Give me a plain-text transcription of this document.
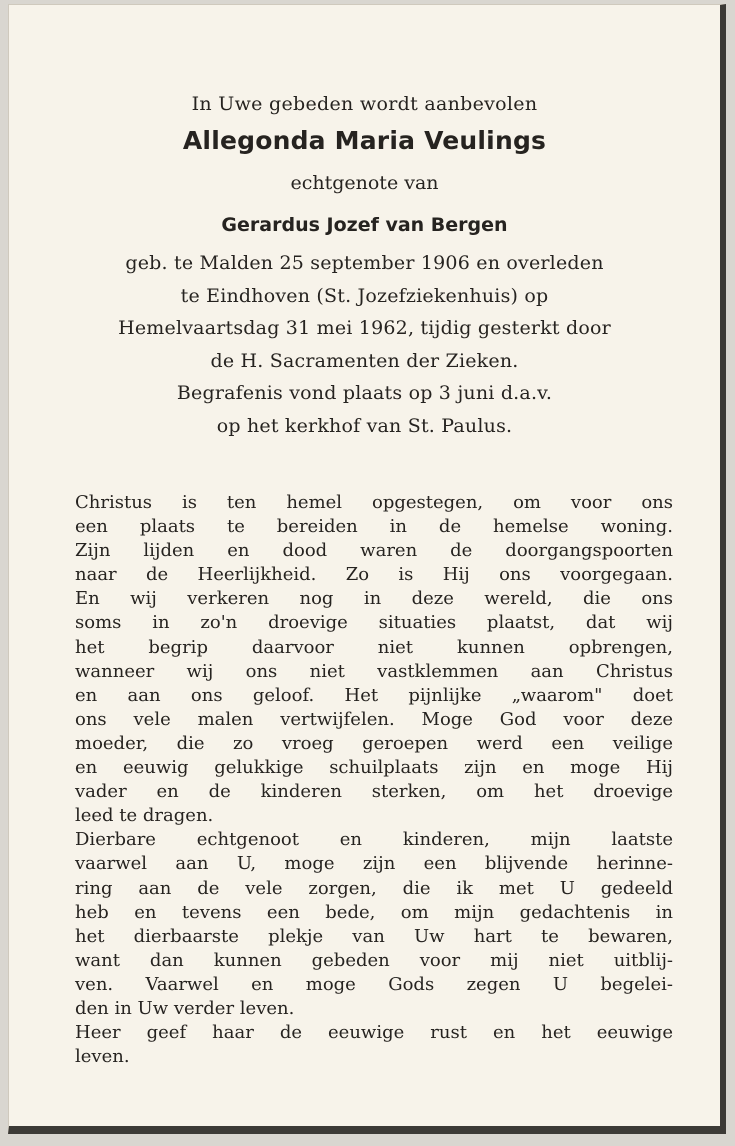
In Uwe gebeden wordt aanbevolen
Allegonda Maria Veulings
echtgenote van
Gerardus Jozef van Bergen
geb. te Malden 25 september 1906 en overleden
te Eindhoven (St. Jozefziekenhuis) op
Hemelvaartsdag 31 mei 1962, tijdig gesterkt door
de H. Sacramenten der Zieken.
Begrafenis vond plaats op 3 juni d.a.v.
op het kerkhof van St. Paulus.
Christus is ten hemel opgestegen, om voor ons
een plaats te bereiden in de hemelse woning.
Zijn lijden en dood waren de doorgangspoorten
naar de Heerlijkheid. Zo is Hij ons voorgegaan.
En wij verkeren nog in deze wereld, die ons
soms in zo'n droevige situaties plaatst, dat wij
het begrip daarvoor niet kunnen opbrengen,
wanneer wij ons niet vastklemmen aan Christus
en aan ons geloof. Het pijnlijke „waarom" doet
ons vele malen vertwijfelen. Moge God voor deze
moeder, die zo vroeg geroepen werd een veilige
en eeuwig gelukkige schuilplaats zijn en moge Hij
vader en de kinderen sterken, om het droevige
leed te dragen.
Dierbare echtgenoot en kinderen, mijn laatste
vaarwel aan U, moge zijn een blijvende herinne-
ring aan de vele zorgen, die ik met U gedeeld
heb en tevens een bede, om mijn gedachtenis in
het dierbaarste plekje van Uw hart te bewaren,
want dan kunnen gebeden voor mij niet uitblij-
ven. Vaarwel en moge Gods zegen U begelei-
den in Uw verder leven.
Heer geef haar de eeuwige rust en het eeuwige
leven.
